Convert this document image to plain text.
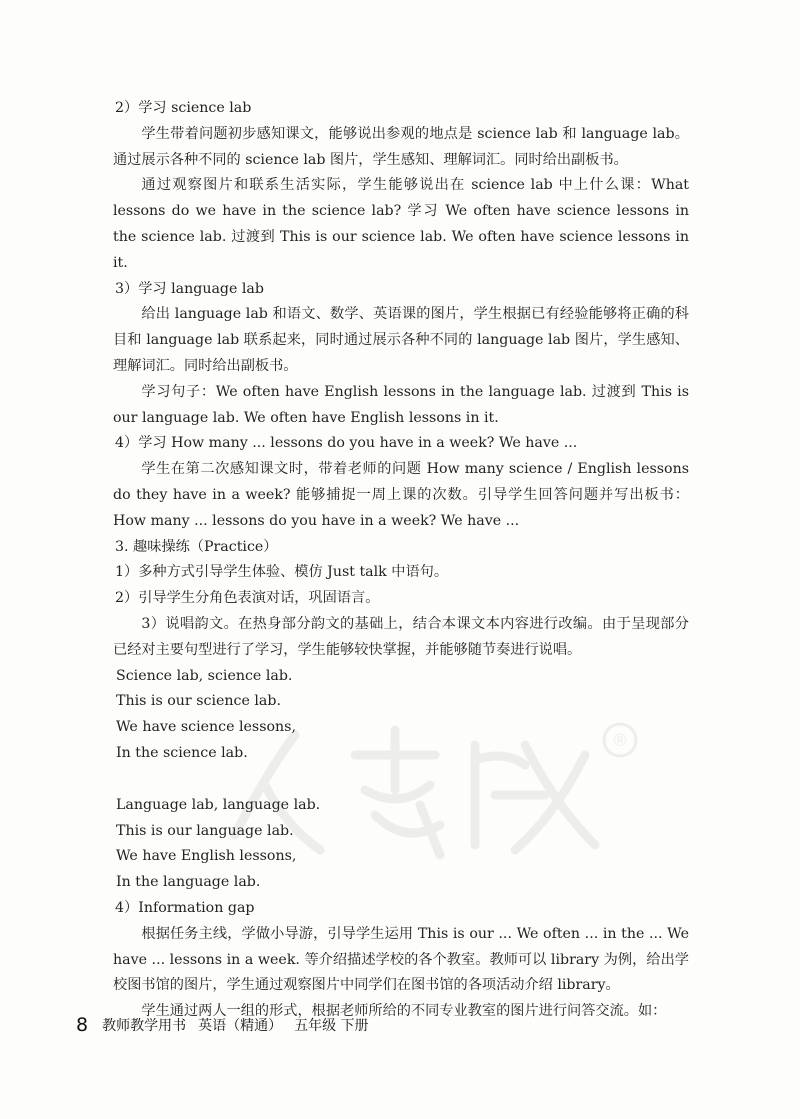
2）学习 science lab

学生带着问题初步感知课文，能够说出参观的地点是 science lab 和 language lab。通过展示各种不同的 science lab 图片，学生感知、理解词汇。同时给出副板书。

通过观察图片和联系生活实际，学生能够说出在 science lab 中上什么课：What lessons do we have in the science lab? 学习 We often have science lessons in the science lab. 过渡到 This is our science lab. We often have science lessons in it.

3）学习 language lab

给出 language lab 和语文、数学、英语课的图片，学生根据已有经验能够将正确的科目和 language lab 联系起来，同时通过展示各种不同的 language lab 图片，学生感知、理解词汇。同时给出副板书。

学习句子：We often have English lessons in the language lab. 过渡到 This is our language lab. We often have English lessons in it.

4）学习 How many ... lessons do you have in a week? We have ...

学生在第二次感知课文时，带着老师的问题 How many science / English lessons do they have in a week? 能够捕捉一周上课的次数。引导学生回答问题并写出板书：How many ... lessons do you have in a week? We have ...

3. 趣味操练（Practice）

1）多种方式引导学生体验、模仿 Just talk 中语句。

2）引导学生分角色表演对话，巩固语言。

3）说唱韵文。在热身部分韵文的基础上，结合本课文本内容进行改编。由于呈现部分已经对主要句型进行了学习，学生能够较快掌握，并能够随节奏进行说唱。

Science lab, science lab.

This is our science lab.

We have science lessons,

In the science lab.

Language lab, language lab.

This is our language lab.

We have English lessons,

In the language lab.

4）Information gap

根据任务主线，学做小导游，引导学生运用 This is our ... We often ... in the ... We have ... lessons in a week. 等介绍描述学校的各个教室。教师可以 library 为例，给出学校图书馆的图片，学生通过观察图片中同学们在图书馆的各项活动介绍 library。

学生通过两人一组的形式，根据老师所给的不同专业教室的图片进行问答交流。如：

®
8 教师教学用书 英语（精通） 五年级 下册
